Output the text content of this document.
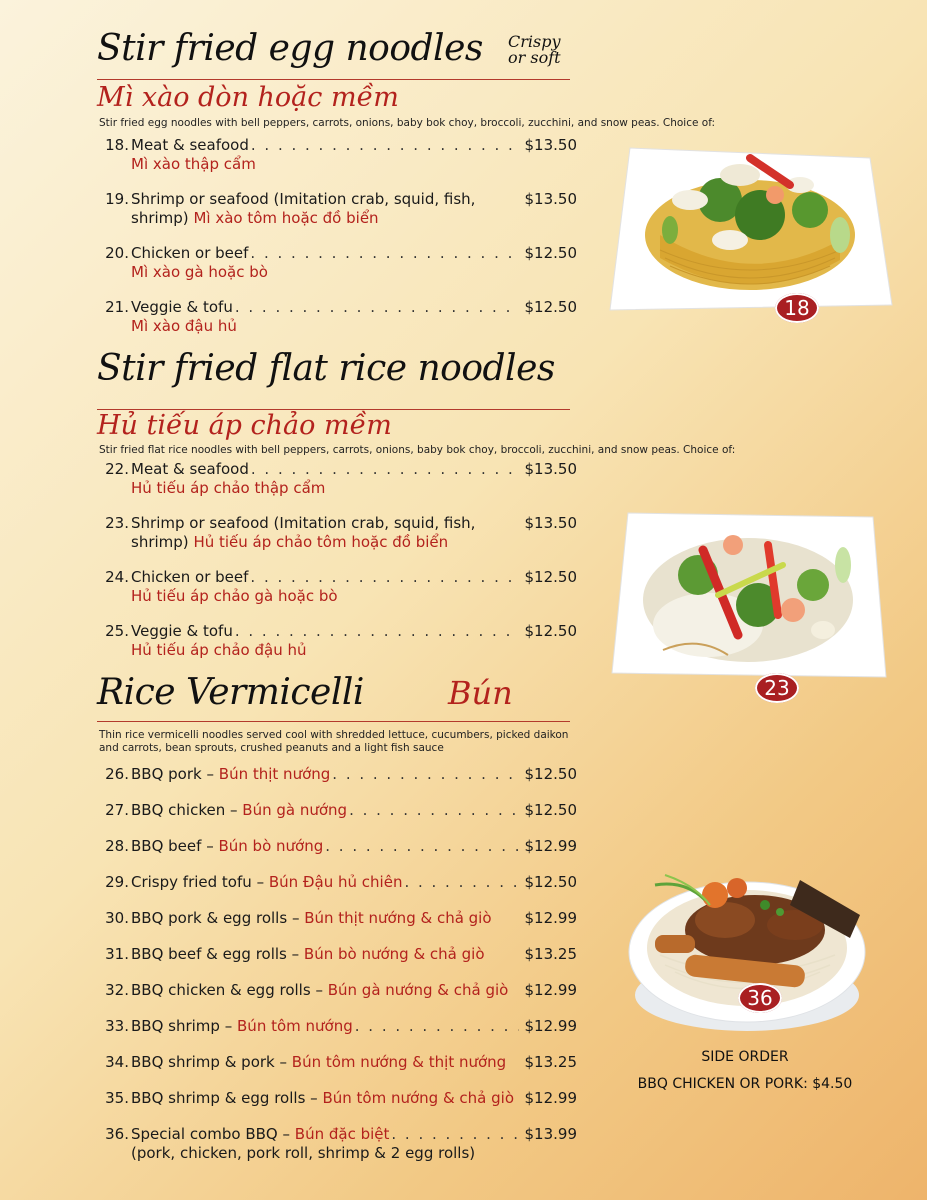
Stir fried egg noodles Crispy
or soft
Mì xào dòn hoặc mềm
Stir fried egg noodles with bell peppers, carrots, onions, baby bok choy, broccoli, zucchini, and snow peas. Choice of:
18. Meat & seafood . . .	$13.50
Mì xào thập cẩm
19. Shrimp or seafood (Imitation crab, squid, fish,	$13.50
shrimp) Mì xào tôm hoặc đồ biển
20. Chicken or beef . . .	$12.50
Mì xào gà hoặc bò
21. Veggie & tofu . . .	$12.50
Mì xào đậu hủ
18
Stir fried flat rice noodles
Hủ tiếu áp chảo mềm
Stir fried flat rice noodles with bell peppers, carrots, onions, baby bok choy, broccoli, zucchini, and snow peas. Choice of:
22. Meat & seafood . . .	$13.50
Hủ tiếu áp chảo thập cẩm
23. Shrimp or seafood (Imitation crab, squid, fish,	$13.50
shrimp) Hủ tiếu áp chảo tôm hoặc đồ biển
24. Chicken or beef . . .	$12.50
Hủ tiếu áp chảo gà hoặc bò
25. Veggie & tofu . . .	$12.50
Hủ tiếu áp chảo đậu hủ
23
Rice Vermicelli	Bún
Thin rice vermicelli noodles served cool with shredded lettuce, cucumbers, picked daikon
and carrots, bean sprouts, crushed peanuts and a light fish sauce
26. BBQ pork
–
Bún thịt nướng . . .	$12.50
27. BBQ chicken
–
Bún gà nướng . . .	$12.50
28. BBQ beef
–
Bún bò nướng . . .	$12.99
29. Crispy fried tofu
–
Bún Đậu hủ chiên . . .	$12.50
30. BBQ pork & egg rolls
–
Bún thịt nướng & chả giò $12.99
31. BBQ beef & egg rolls
–
Bún bò nướng & chả giò	$13.25
32. BBQ chicken & egg rolls
–
Bún gà nướng & chả giò $12.99
33. BBQ shrimp
–
Bún tôm nướng . . .	$12.99
34. BBQ shrimp & pork
–
Bún tôm nướng & thịt nướng $13.25
35. BBQ shrimp & egg rolls
–
Bún tôm nướng & chả giò $12.99
36. Special combo BBQ
–
Bún đặc biệt . . .	$13.99
(pork, chicken, pork roll, shrimp & 2 egg rolls)
36
SIDE ORDER
BBQ CHICKEN OR PORK: $4.50
